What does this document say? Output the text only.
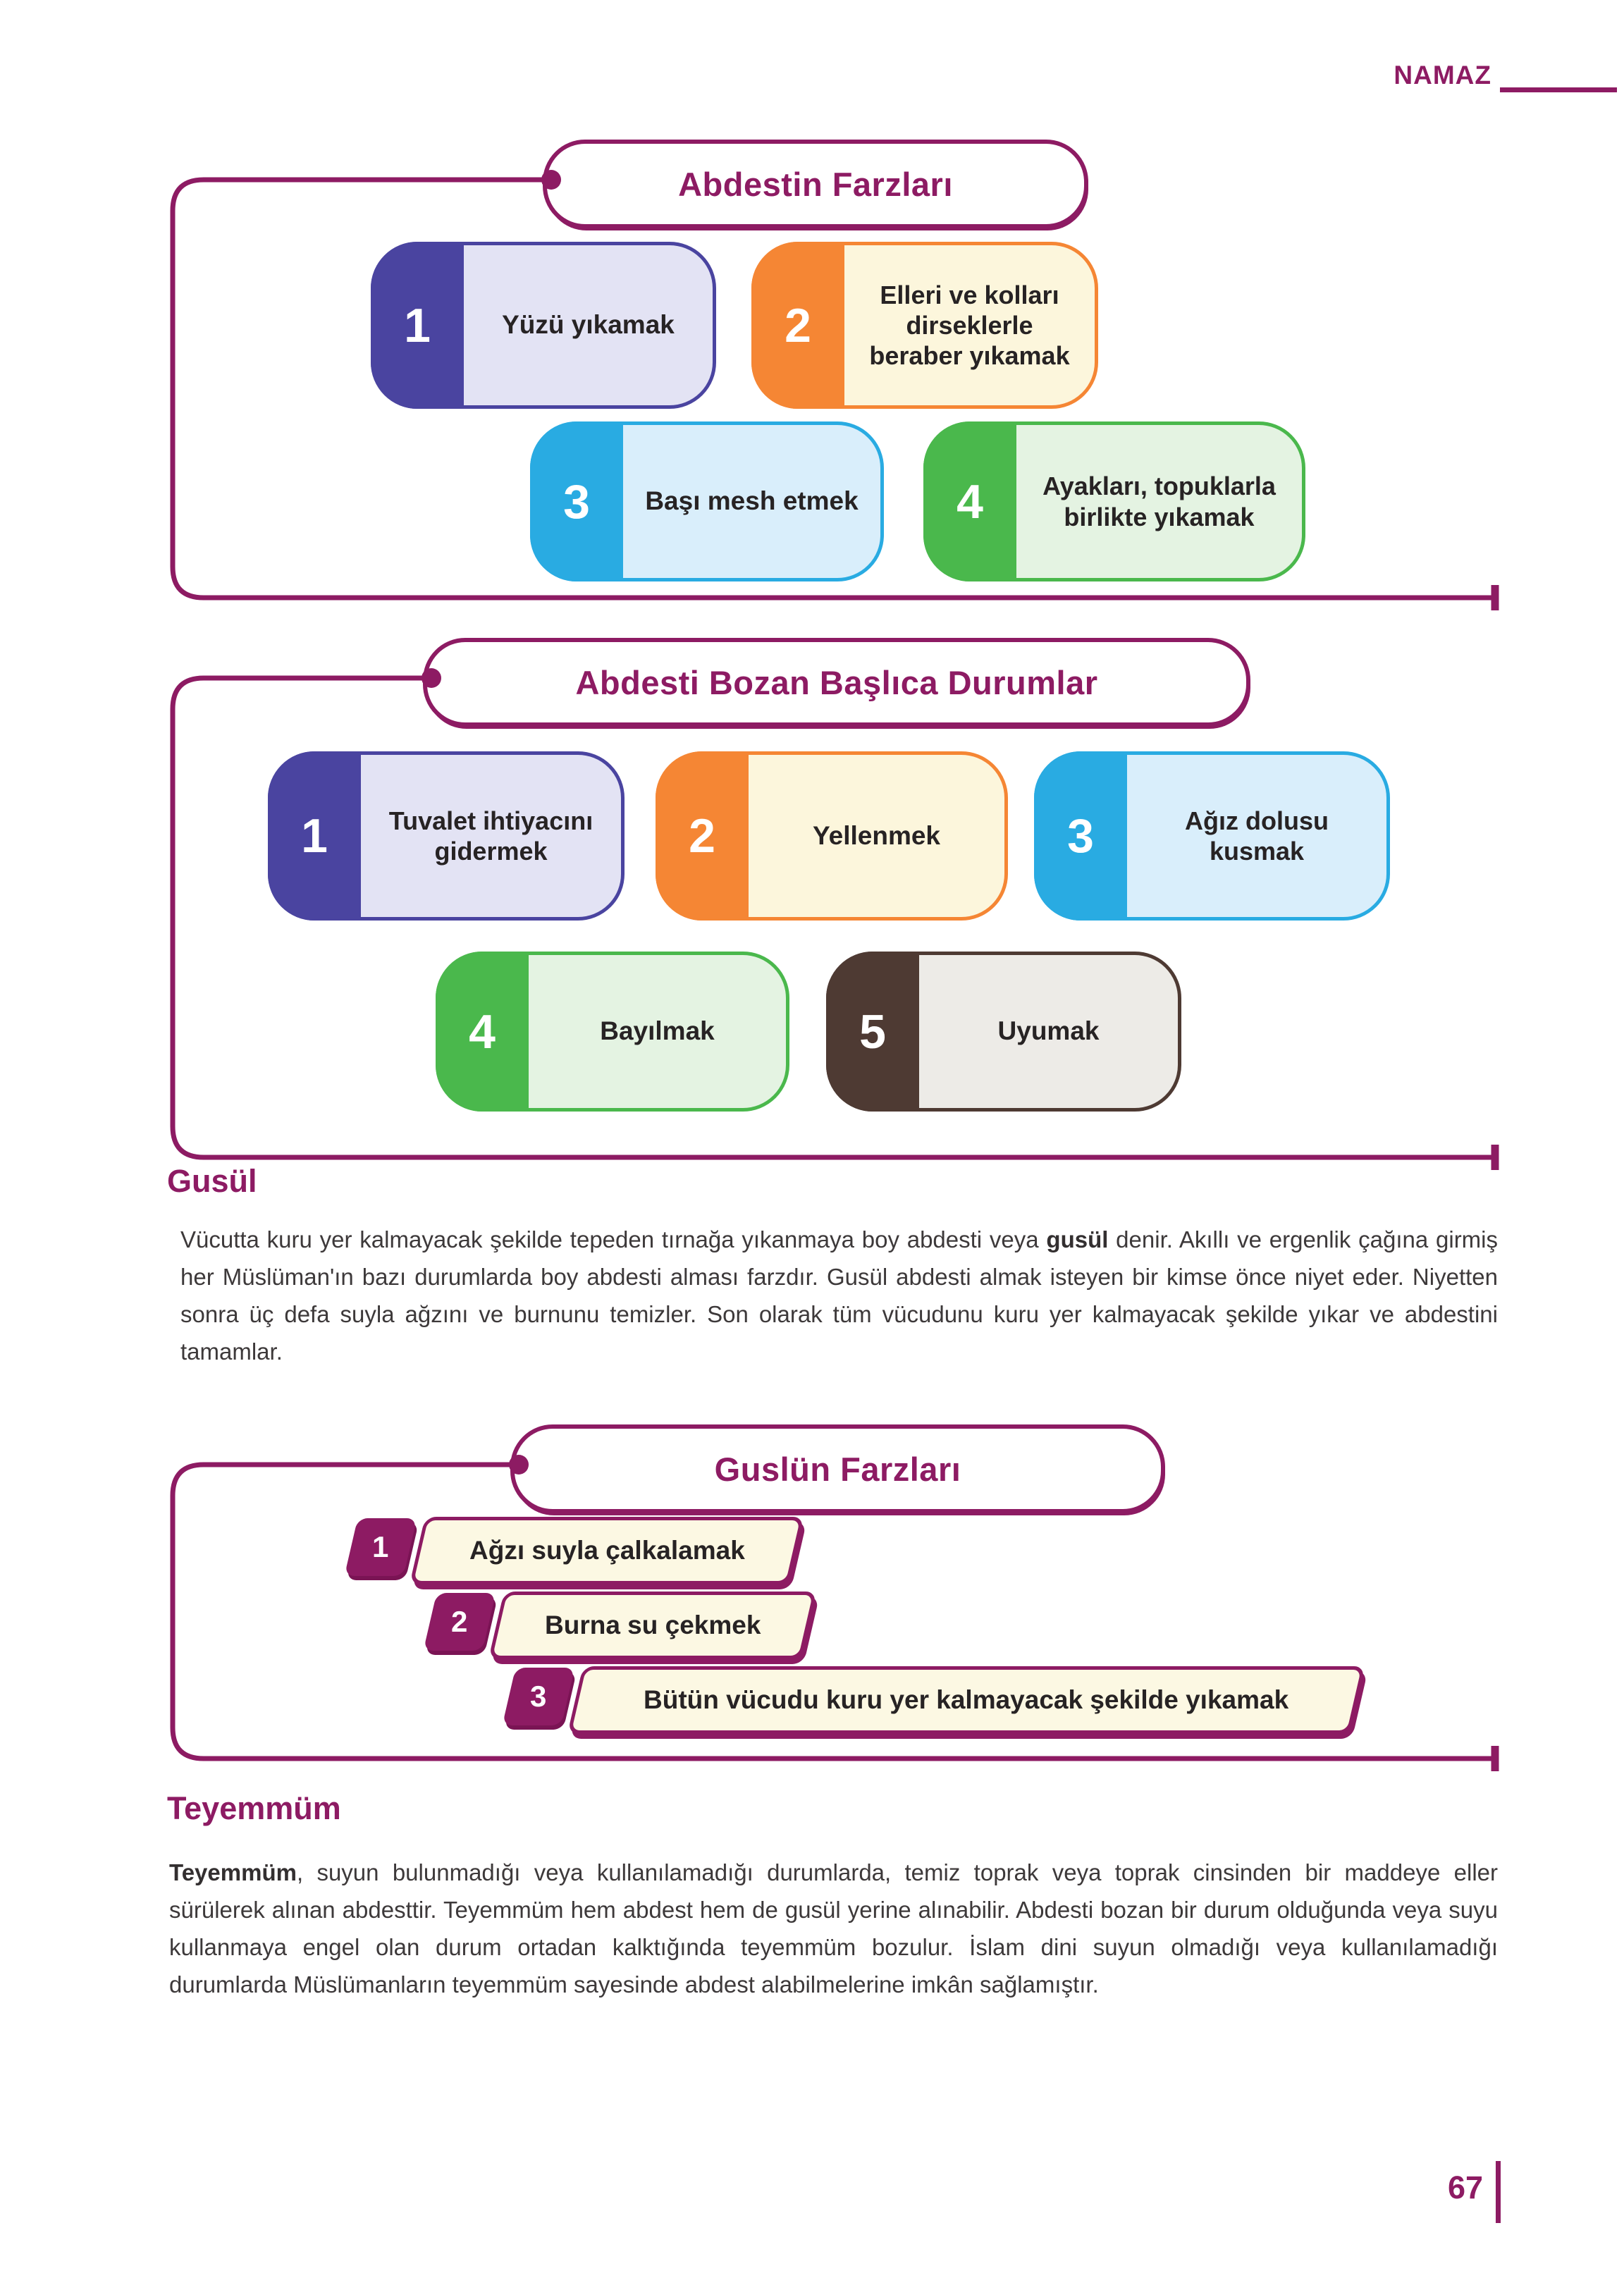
NAMAZ
Abdestin Farzları
1	Yüzü yıkamak	2
Elleri ve kolları dirseklerle beraber yıkamak
3	Başı mesh etmek	4	Ayakları, topuklarla birlikte yıkamak
Abdesti Bozan Başlıca Durumlar
1	Tuvalet ihtiyacını gidermek	2	Yellenmek	3	Ağız dolusu kusmak
4	Bayılmak	5	Uyumak
Gusül
Vücutta kuru yer kalmayacak şekilde tepeden tırnağa yıkanmaya boy abdesti veya gusül denir. Akıllı ve ergenlik çağına girmiş her Müslüman'ın bazı durumlarda boy abdesti alması farzdır. Gusül abdesti almak isteyen bir kimse önce niyet eder. Niyetten sonra üç defa suyla ağzını ve burnunu temizler. Son olarak tüm vücudunu kuru yer kalmayacak şekilde yıkar ve abdestini tamamlar.
Guslün Farzları
1	Ağzı suyla çalkalamak
2	Burna su çekmek
3	Bütün vücudu kuru yer kalmayacak şekilde yıkamak
Teyemmüm
Teyemmüm, suyun bulunmadığı veya kullanılamadığı durumlarda, temiz toprak veya toprak cinsinden bir maddeye eller sürülerek alınan abdesttir. Teyemmüm hem abdest hem de gusül yerine alınabilir. Abdesti bozan bir durum olduğunda veya suyu kullanmaya engel olan durum ortadan kalktığında teyemmüm bozulur. İslam dini suyun olmadığı veya kullanılamadığı durumlarda Müslümanların teyemmüm sayesinde abdest alabilmelerine imkân sağlamıştır.
67
